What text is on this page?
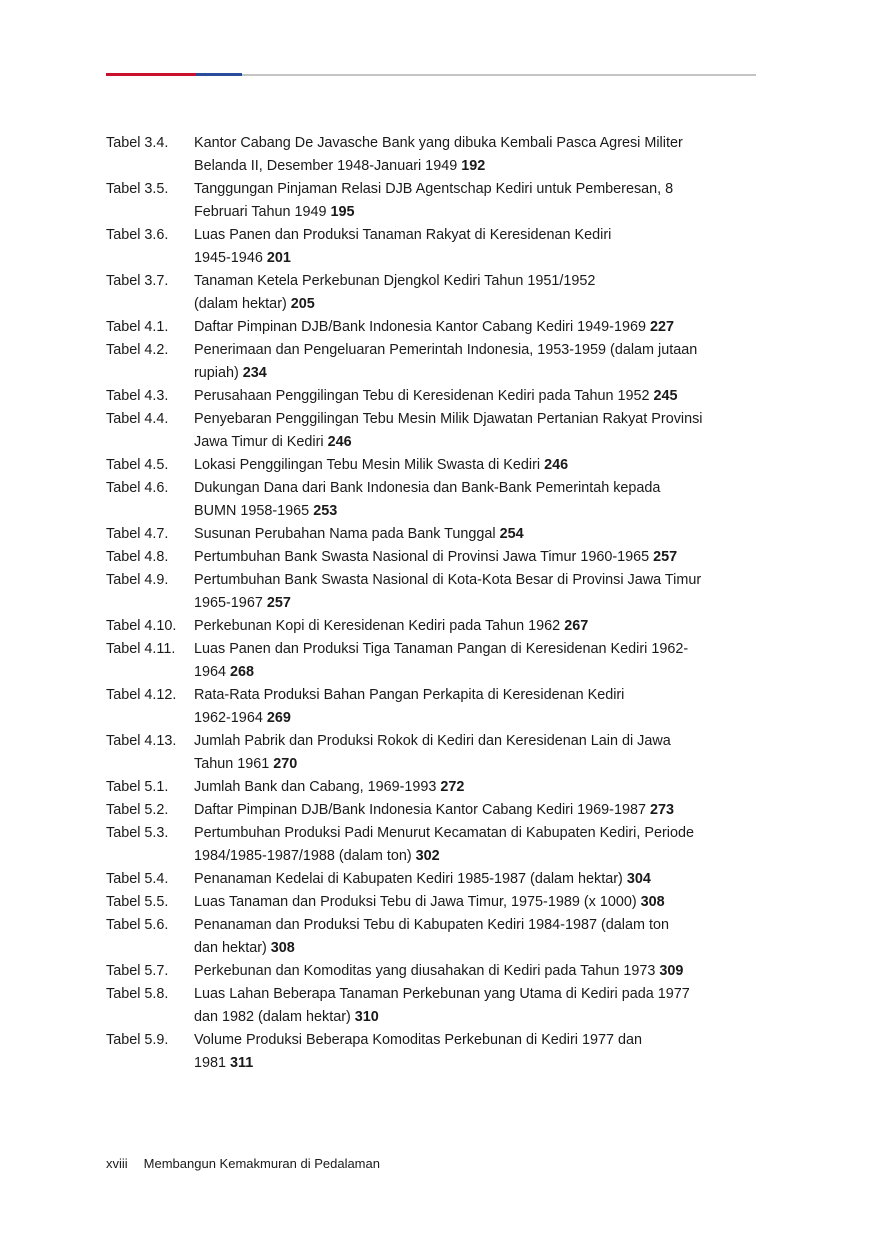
Tabel 3.4.	Kantor Cabang De Javasche Bank yang dibuka Kembali Pasca Agresi Militer
Belanda II, Desember 1948-Januari 1949 192
Tabel 3.5.	Tanggungan Pinjaman Relasi DJB Agentschap Kediri untuk Pemberesan, 8
Februari Tahun 1949 195
Tabel 3.6.	Luas Panen dan Produksi Tanaman Rakyat di Keresidenan Kediri
1945-1946 201
Tabel 3.7.	Tanaman Ketela Perkebunan Djengkol Kediri Tahun 1951/1952
(dalam hektar) 205
Tabel 4.1.	Daftar Pimpinan DJB/Bank Indonesia Kantor Cabang Kediri 1949-1969 227
Tabel 4.2.	Penerimaan dan Pengeluaran Pemerintah Indonesia, 1953-1959 (dalam jutaan
rupiah) 234
Tabel 4.3.	Perusahaan Penggilingan Tebu di Keresidenan Kediri pada Tahun 1952 245
Tabel 4.4.	Penyebaran Penggilingan Tebu Mesin Milik Djawatan Pertanian Rakyat Provinsi
Jawa Timur di Kediri 246
Tabel 4.5.	Lokasi Penggilingan Tebu Mesin Milik Swasta di Kediri 246
Tabel 4.6.	Dukungan Dana dari Bank Indonesia dan Bank-Bank Pemerintah kepada
BUMN 1958-1965 253
Tabel 4.7.	Susunan Perubahan Nama pada Bank Tunggal 254
Tabel 4.8.	Pertumbuhan Bank Swasta Nasional di Provinsi Jawa Timur 1960-1965 257
Tabel 4.9.	Pertumbuhan Bank Swasta Nasional di Kota-Kota Besar di Provinsi Jawa Timur
1965-1967 257
Tabel 4.10.	Perkebunan Kopi di Keresidenan Kediri pada Tahun 1962 267
Tabel 4.11.	Luas Panen dan Produksi Tiga Tanaman Pangan di Keresidenan Kediri 1962-
1964 268
Tabel 4.12.	Rata-Rata Produksi Bahan Pangan Perkapita di Keresidenan Kediri
1962-1964 269
Tabel 4.13.	Jumlah Pabrik dan Produksi Rokok di Kediri dan Keresidenan Lain di Jawa
Tahun 1961 270
Tabel 5.1.	Jumlah Bank dan Cabang, 1969-1993 272
Tabel 5.2.	Daftar Pimpinan DJB/Bank Indonesia Kantor Cabang Kediri 1969-1987 273
Tabel 5.3.	Pertumbuhan Produksi Padi Menurut Kecamatan di Kabupaten Kediri, Periode
1984/1985-1987/1988 (dalam ton) 302
Tabel 5.4.	Penanaman Kedelai di Kabupaten Kediri 1985-1987 (dalam hektar) 304
Tabel 5.5.	Luas Tanaman dan Produksi Tebu di Jawa Timur, 1975-1989 (x 1000) 308
Tabel 5.6.	Penanaman dan Produksi Tebu di Kabupaten Kediri 1984-1987 (dalam ton
dan hektar) 308
Tabel 5.7.	Perkebunan dan Komoditas yang diusahakan di Kediri pada Tahun 1973 309
Tabel 5.8.	Luas Lahan Beberapa Tanaman Perkebunan yang Utama di Kediri pada 1977
dan 1982 (dalam hektar) 310
Tabel 5.9.	Volume Produksi Beberapa Komoditas Perkebunan di Kediri 1977 dan
1981 311
xviii Membangun Kemakmuran di Pedalaman
